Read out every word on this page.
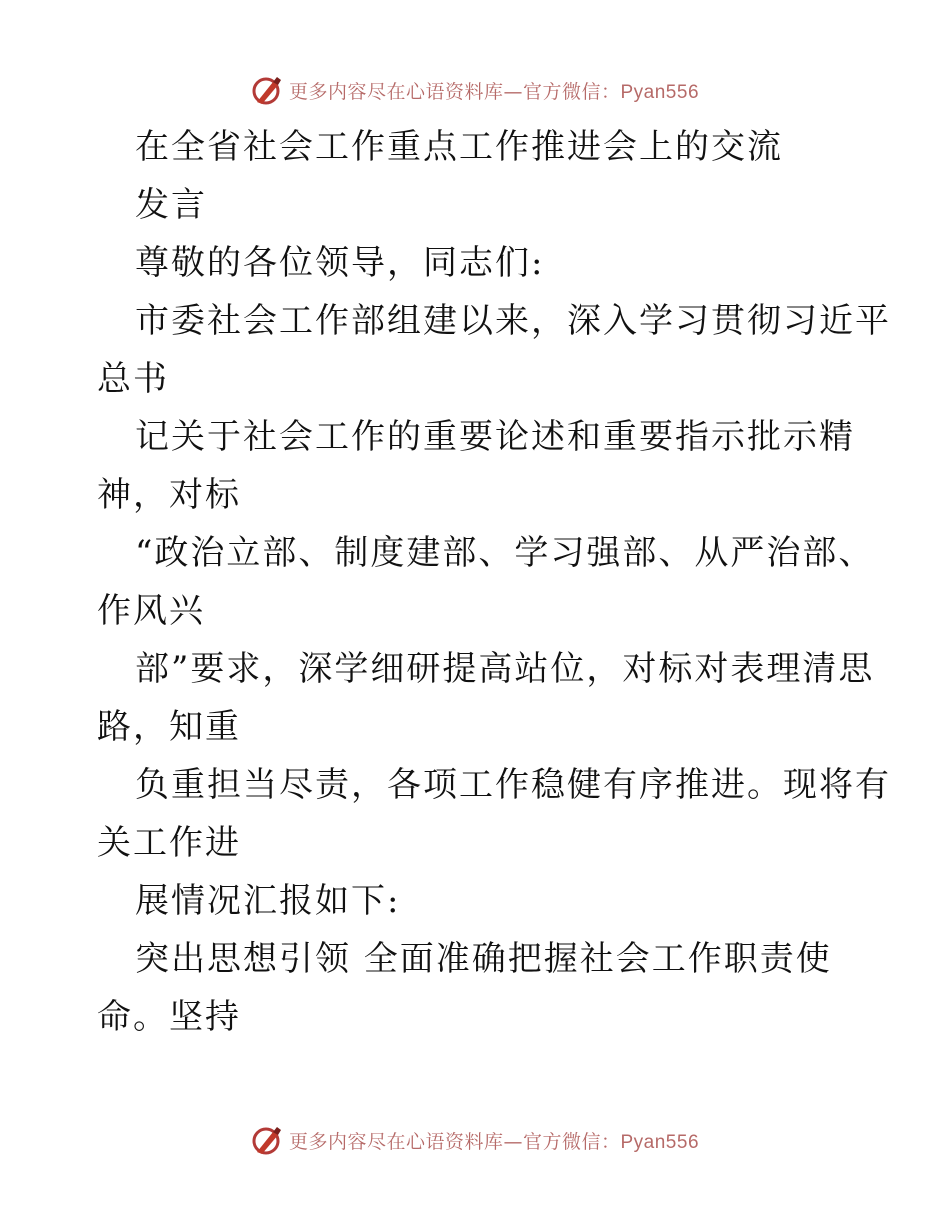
更多内容尽在心语资料库—官方微信：Pyan556
在全省社会工作重点工作推进会上的交流
发言
尊敬的各位领导，同志们:
市委社会工作部组建以来，深入学习贯彻习近平
总书
记关于社会工作的重要论述和重要指示批示精
神，对标
“政治立部、制度建部、学习强部、从严治部、
作风兴
部”要求，深学细研提高站位，对标对表理清思
路，知重
负重担当尽责，各项工作稳健有序推进。现将有
关工作进
展情况汇报如下:
突出思想引领 全面准确把握社会工作职责使
命。坚持
更多内容尽在心语资料库—官方微信：Pyan556
